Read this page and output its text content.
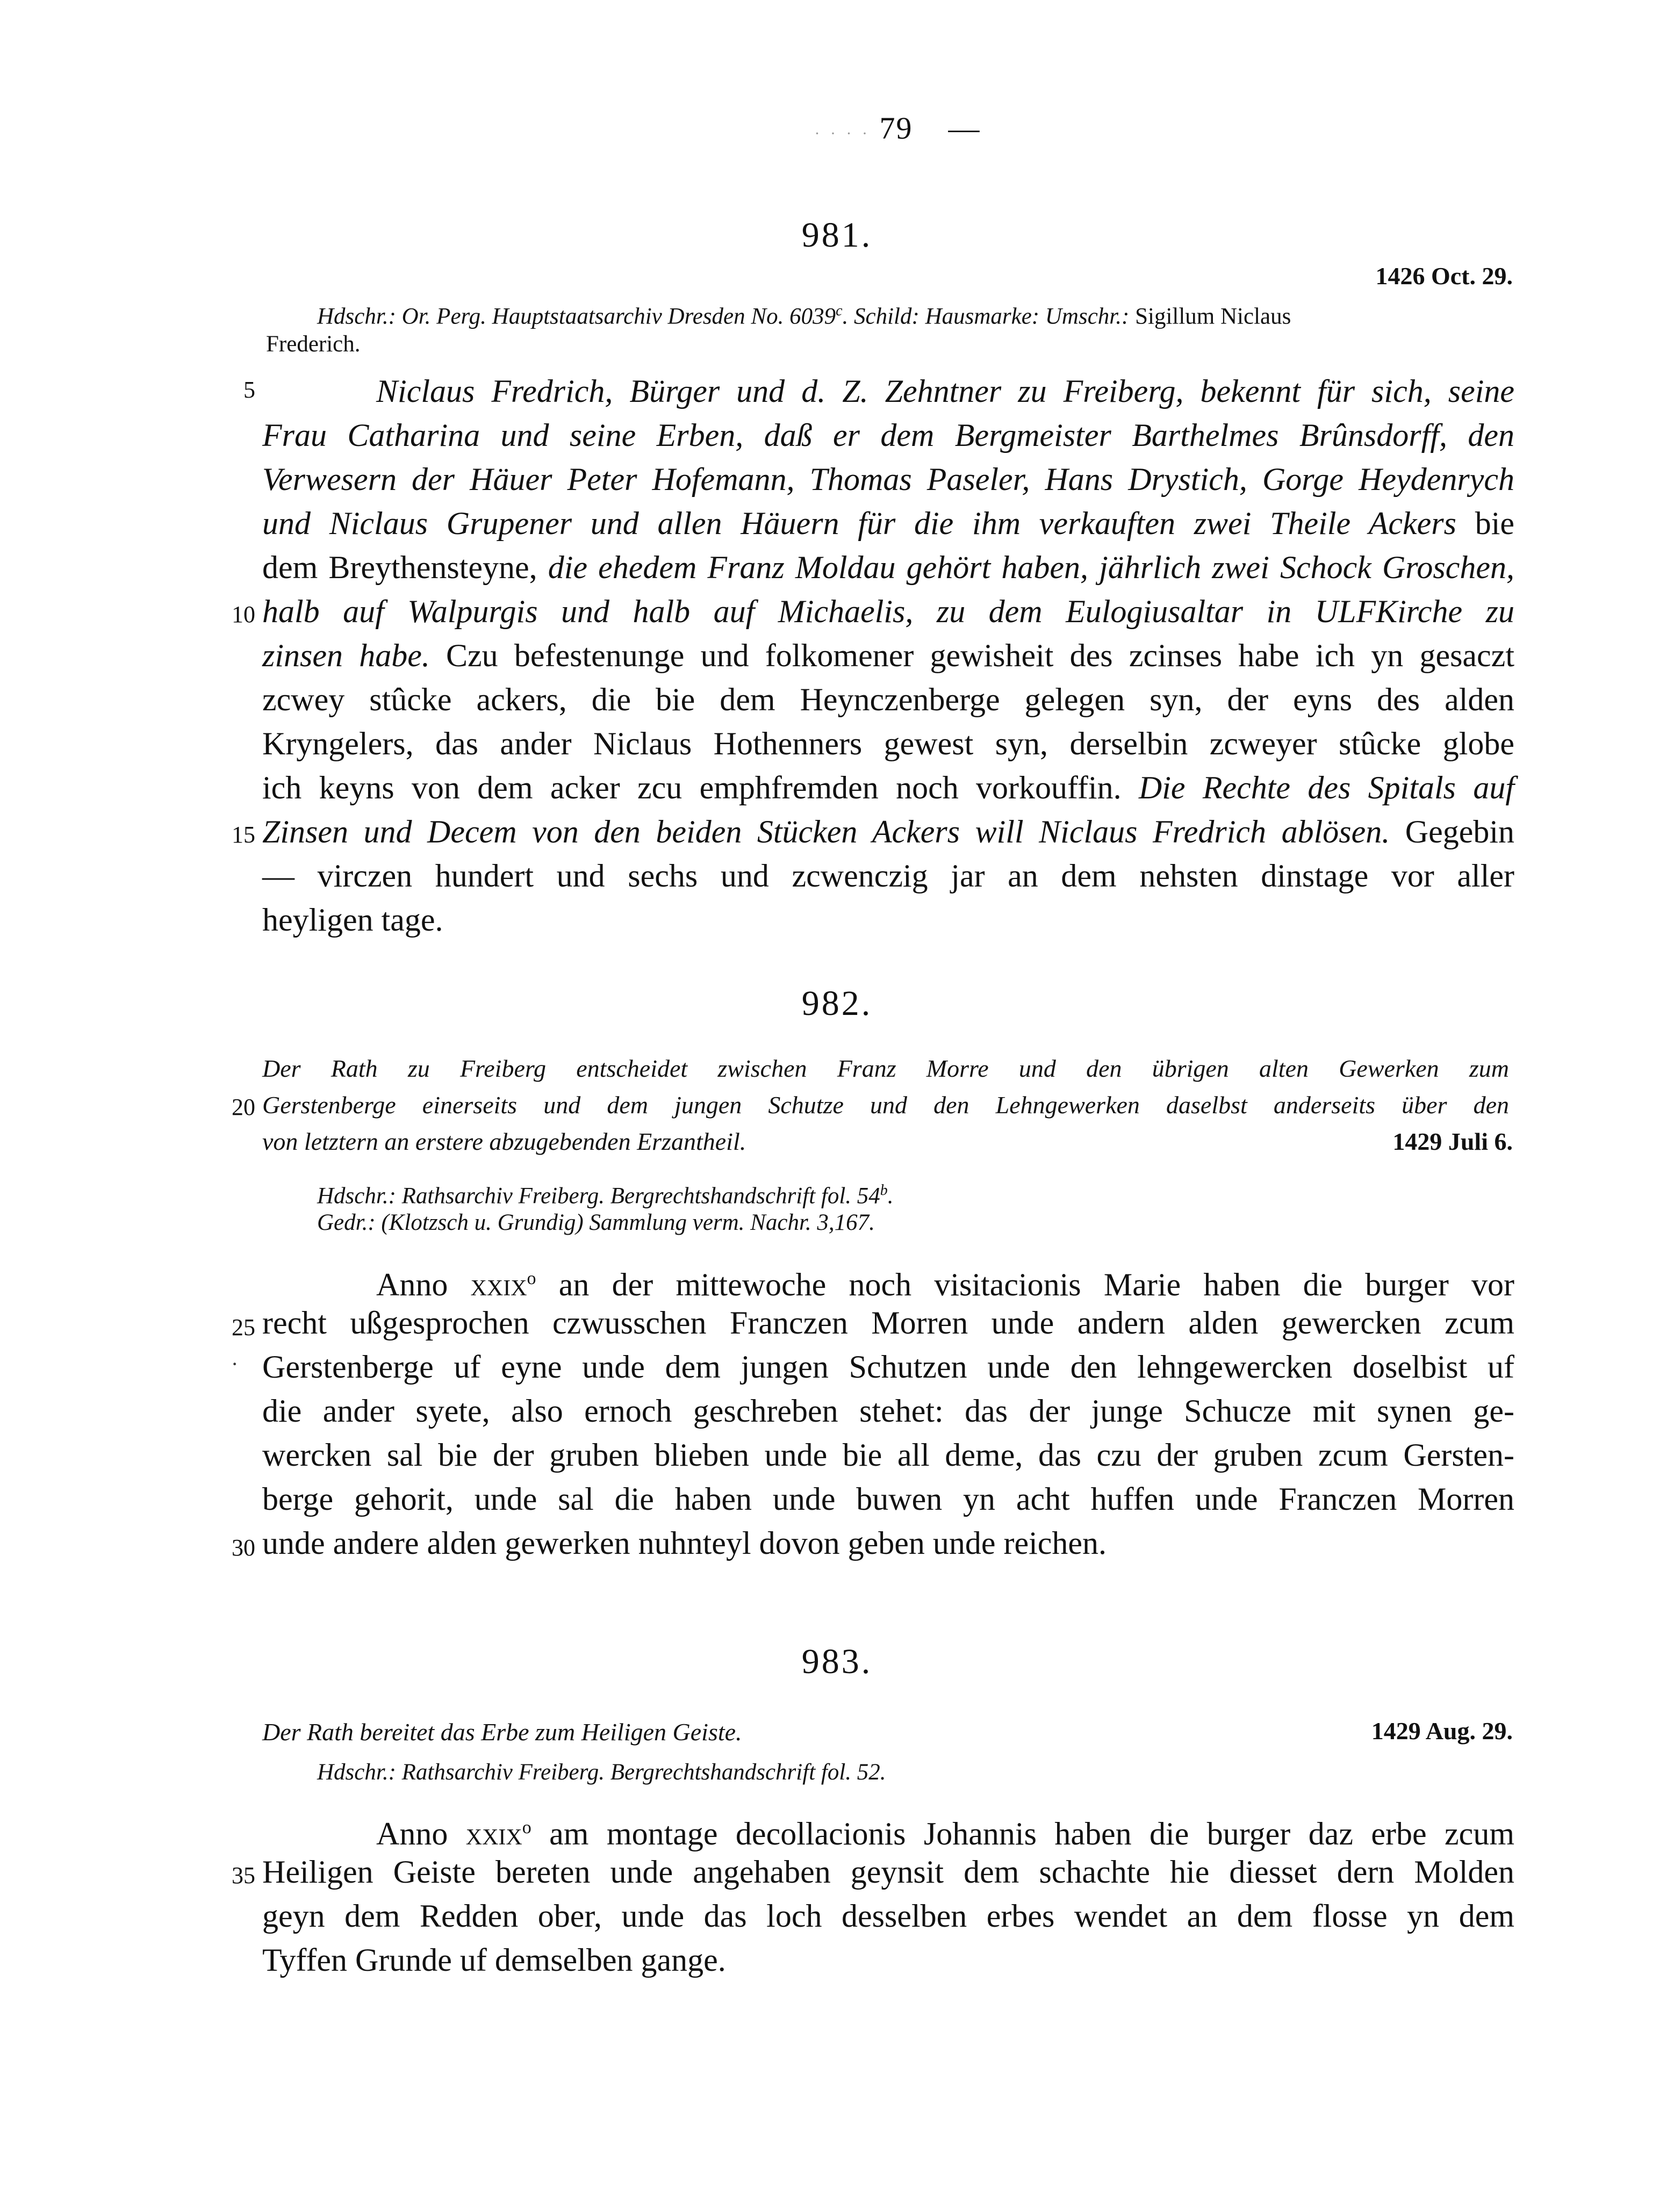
· · · · 79    —
981.
1426 Oct. 29.
Hdschr.: Or. Perg. Hauptstaatsarchiv Dresden No. 6039$^c$. Schild: Hausmarke: Umschr.: Sigillum Niclaus
Frederich.
5
10
15
Niclaus Fredrich, Bürger und d. Z. Zehntner zu Freiberg, bekennt für sich, seine
Frau Catharina und seine Erben, daß er dem Bergmeister Barthelmes Brûnsdorff, den
Verwesern der Häuer Peter Hofemann, Thomas Paseler, Hans Drystich, Gorge Heydenrych
und Niclaus Grupener und allen Häuern für die ihm verkauften zwei Theile Ackers bie
dem Breythensteyne, die ehedem Franz Moldau gehört haben, jährlich zwei Schock Groschen,
halb auf Walpurgis und halb auf Michaelis, zu dem Eulogiusaltar in ULFKirche zu
zinsen habe. Czu befestenunge und folkomener gewisheit des zcinses habe ich yn gesaczt
zcwey stûcke ackers, die bie dem Heynczenberge gelegen syn, der eyns des alden
Kryngelers, das ander Niclaus Hothenners gewest syn, derselbin zcweyer stûcke globe
ich keyns von dem acker zcu emphfremden noch vorkouffin. Die Rechte des Spitals auf
Zinsen und Decem von den beiden Stücken Ackers will Niclaus Fredrich ablösen. Gegebin
— virczen hundert und sechs und zcwenczig jar an dem nehsten dinstage vor aller
heyligen tage.
982.
20
Der Rath zu Freiberg entscheidet zwischen Franz Morre und den übrigen alten Gewerken zum
Gerstenberge einerseits und dem jungen Schutze und den Lehngewerken daselbst anderseits über den
von letztern an erstere abzugebenden Erzantheil.	1429 Juli 6.
Hdschr.: Rathsarchiv Freiberg. Bergrechtshandschrift fol. 54$^b$.
Gedr.: (Klotzsch u. Grundig) Sammlung verm. Nachr. 3,167.
25
30
·
Anno xxix$^o$ an der mittewoche noch visitacionis Marie haben die burger vor
recht ußgesprochen czwusschen Franczen Morren unde andern alden gewercken zcum
Gerstenberge uf eyne unde dem jungen Schutzen unde den lehngewercken doselbist uf
die ander syete, also ernoch geschreben stehet: das der junge Schucze mit synen ge-
wercken sal bie der gruben blieben unde bie all deme, das czu der gruben zcum Gersten-
berge gehorit, unde sal die haben unde buwen yn acht huffen unde Franczen Morren
unde andere alden gewerken nuhnteyl dovon geben unde reichen.
983.
Der Rath bereitet das Erbe zum Heiligen Geiste.	1429 Aug. 29.
Hdschr.: Rathsarchiv Freiberg. Bergrechtshandschrift fol. 52.
35
Anno xxix$^o$ am montage decollacionis Johannis haben die burger daz erbe zcum
Heiligen Geiste bereten unde angehaben geynsit dem schachte hie diesset dern Molden
geyn dem Redden ober, unde das loch desselben erbes wendet an dem flosse yn dem
Tyffen Grunde uf demselben gange.
